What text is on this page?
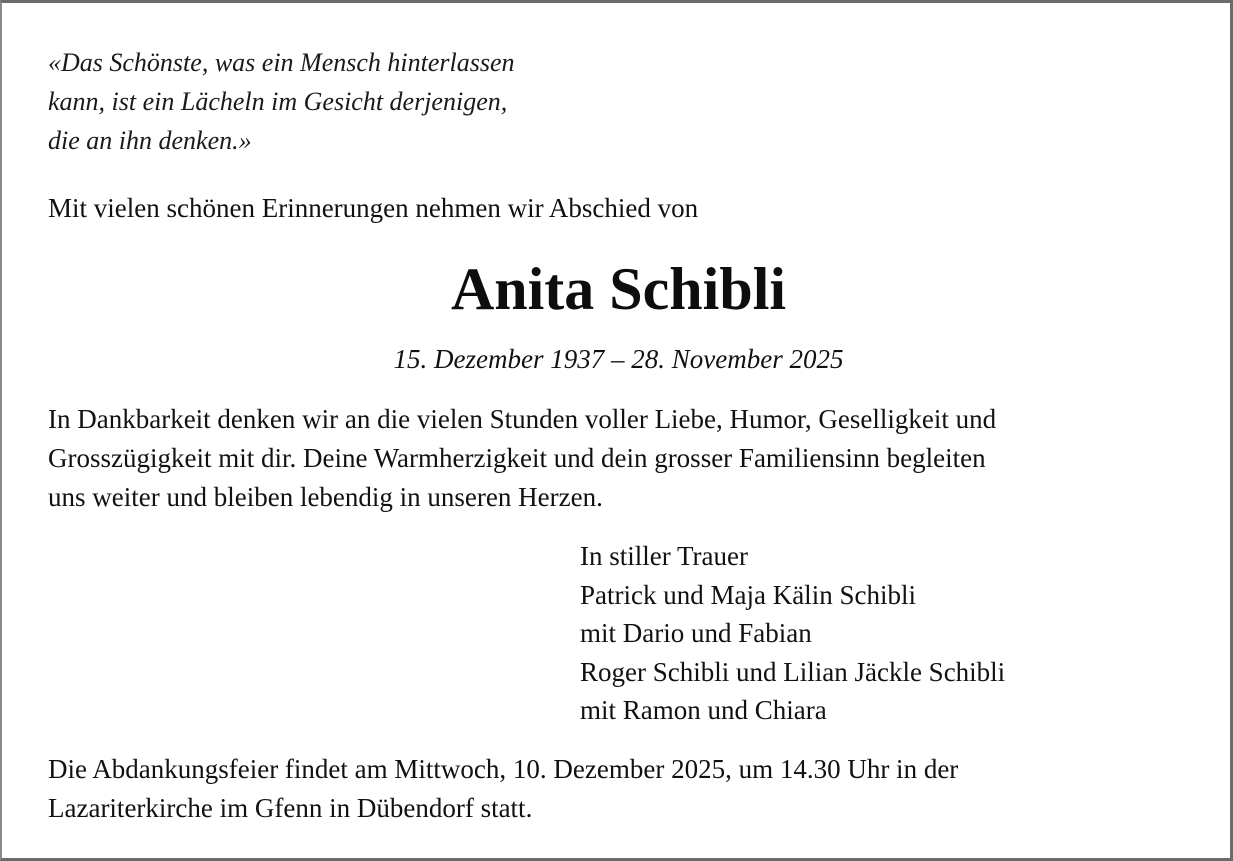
«Das Schönste, was ein Mensch hinterlassen
kann, ist ein Lächeln im Gesicht derjenigen,
die an ihn denken.»
Mit vielen schönen Erinnerungen nehmen wir Abschied von
Anita Schibli
15. Dezember 1937 – 28. November 2025
In Dankbarkeit denken wir an die vielen Stunden voller Liebe, Humor, Geselligkeit und
Grosszügigkeit mit dir. Deine Warmherzigkeit und dein grosser Familiensinn begleiten
uns weiter und bleiben lebendig in unseren Herzen.
In stiller Trauer
Patrick und Maja Kälin Schibli
mit Dario und Fabian
Roger Schibli und Lilian Jäckle Schibli
mit Ramon und Chiara
Die Abdankungsfeier findet am Mittwoch, 10. Dezember 2025, um 14.30 Uhr in der
Lazariterkirche im Gfenn in Dübendorf statt.
